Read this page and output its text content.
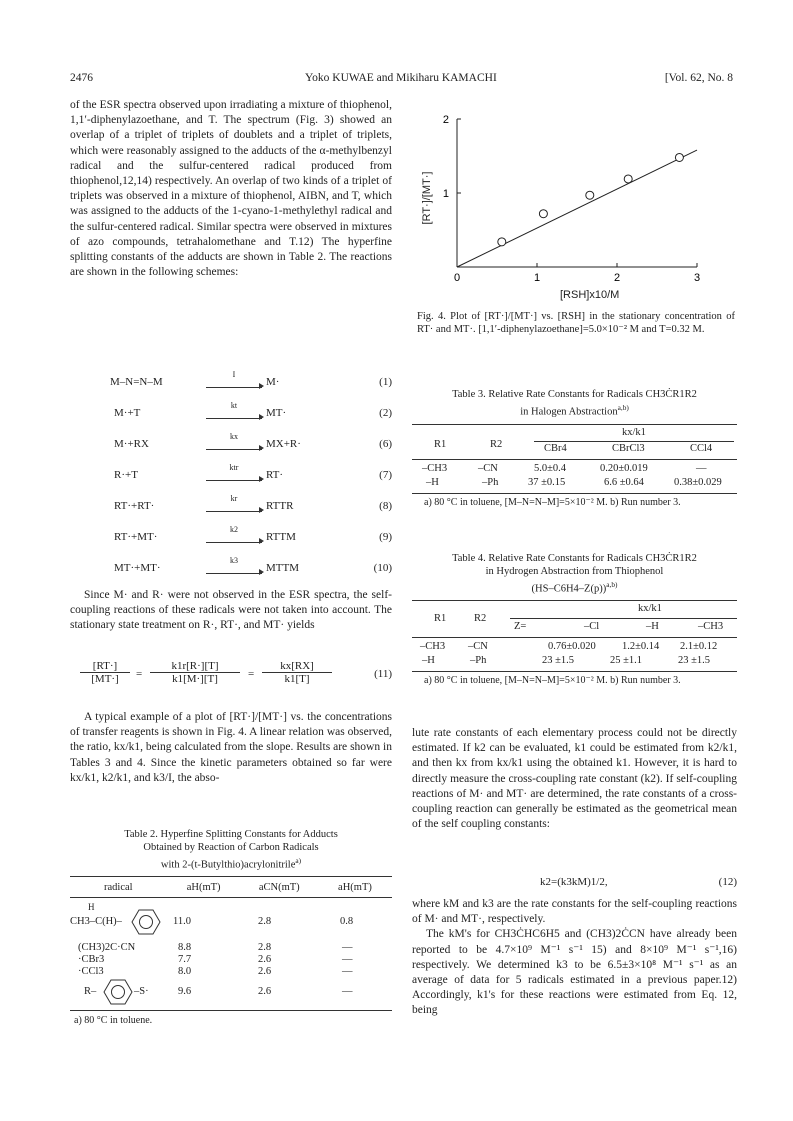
2476	Yoko KUWAE and Mikiharu KAMACHI	[Vol. 62, No. 8

of the ESR spectra observed upon irradiating a mixture of thiophenol, 1,1′-diphenylazoethane, and T. The spectrum (Fig. 3) showed an overlap of a triplet of triplets of doublets and a triplet of triplets, which were reasonably assigned to the adducts of the α-methylbenzyl radical and the sulfur-centered radical produced from thiophenol,12,14) respectively. An overlap of two kinds of a triplet of triplets was observed in a mixture of thiophenol, AIBN, and T, which was assigned to the adducts of the 1-cyano-1-methylethyl radical and the sulfur-centered radical. Similar spectra were observed in mixtures of azo compounds, tetrahalomethane and T.12) The hyperfine splitting constants of the adducts are shown in Table 2. The reactions are shown in the following schemes:

M–N=N–M
I
M·	(1)
M·+T
kt
MT·	(2)
M·+RX
kx
MX+R·	(6)
R·+T
ktr
RT·	(7)
RT·+RT·
kr
RTTR	(8)
RT·+MT·
k2
RTTM	(9)
MT·+MT·
k3
MTTM	(10)

Since M· and R· were not observed in the ESR spectra, the self-coupling reactions of these radicals were not taken into account. The stationary state treatment on R·, RT·, and MT· yields

[RT·]
[MT·]	=
k1r[R·][T]
k1[M·][T]	=
kx[RX]
k1[T]	(11)

A typical example of a plot of [RT·]/[MT·] vs. the concentrations of transfer reagents is shown in Fig. 4. A linear relation was observed, the ratio, kx/k1, being calculated from the slope. Results are shown in Tables 3 and 4. Since the kinetic parameters obtained so far were kx/k1, k2/k1, and k3/I, the abso-

Table 2. Hyperfine Splitting Constants for Adducts
Obtained by Reaction of Carbon Radicals
with 2-(t-Butylthio)acrylonitrile$^{a)}$
radical	aH(mT)	aCN(mT)	aH(mT)
H
CH3–C(H)–	11.0	2.8	0.8
(CH3)2C·CN	8.8	2.8	—
·CBr3	7.7	2.6	—
·CCl3	8.0	2.6	—
R–	–S·	9.6	2.6	—
a) 80 °C in toluene.
0	1	2	3
1
2
[RT·]/[MT·]
[RSH]x10/M
Fig. 4. Plot of [RT·]/[MT·] vs. [RSH] in the stationary concentration of RT· and MT·. [1,1′-diphenylazoethane]=5.0×10⁻² M and T=0.32 M.
Table 3. Relative Rate Constants for Radicals CH3ĊR1R2
in Halogen Abstraction$^{a,b)}$
R1	R2
kx/k1
CBr4	CBrCl3	CCl4
–CH3	–CN	5.0±0.4	0.20±0.019	—
–H	–Ph	37 ±0.15	6.6 ±0.64	0.38±0.029
a) 80 °C in toluene, [M–N=N–M]=5×10⁻² M. b) Run number 3.
Table 4. Relative Rate Constants for Radicals CH3ĊR1R2
in Hydrogen Abstraction from Thiophenol
$(HS-C6H4-Z(p))^{a,b)}$
R1	R2
kx/k1
Z=	–Cl	–H	–CH3
–CH3 –CN	0.76±0.020 1.2±0.14 2.1±0.12
–H	–Ph	23 ±1.5	25 ±1.1	23 ±1.5
a) 80 °C in toluene, [M–N=N–M]=5×10⁻² M. b) Run number 3.

lute rate constants of each elementary process could not be directly estimated. If k2 can be evaluated, k1 could be estimated from k2/k1, and then kx from kx/k1 using the obtained k1. However, it is hard to directly measure the cross-coupling rate constant (k2). If self-coupling reactions of M· and MT· are determined, the rate constants of a cross-coupling reaction can generally be estimated as the geometrical mean of the self coupling constants:

k2=(k3kM)1/2,	(12)

where kM and k3 are the rate constants for the self-coupling reactions of M· and MT·, respectively.

The kM's for CH3ĊHC6H5 and (CH3)2ĊCN have already been reported to be 4.7×10⁹ M⁻¹ s⁻¹ 15) and 8×10⁹ M⁻¹ s⁻¹,16) respectively. We determined k3 to be 6.5±3×10⁸ M⁻¹ s⁻¹ as an average of data for 5 radicals estimated in a previous paper.12) Accordingly, k1's for these reactions were estimated from Eq. 12, being
